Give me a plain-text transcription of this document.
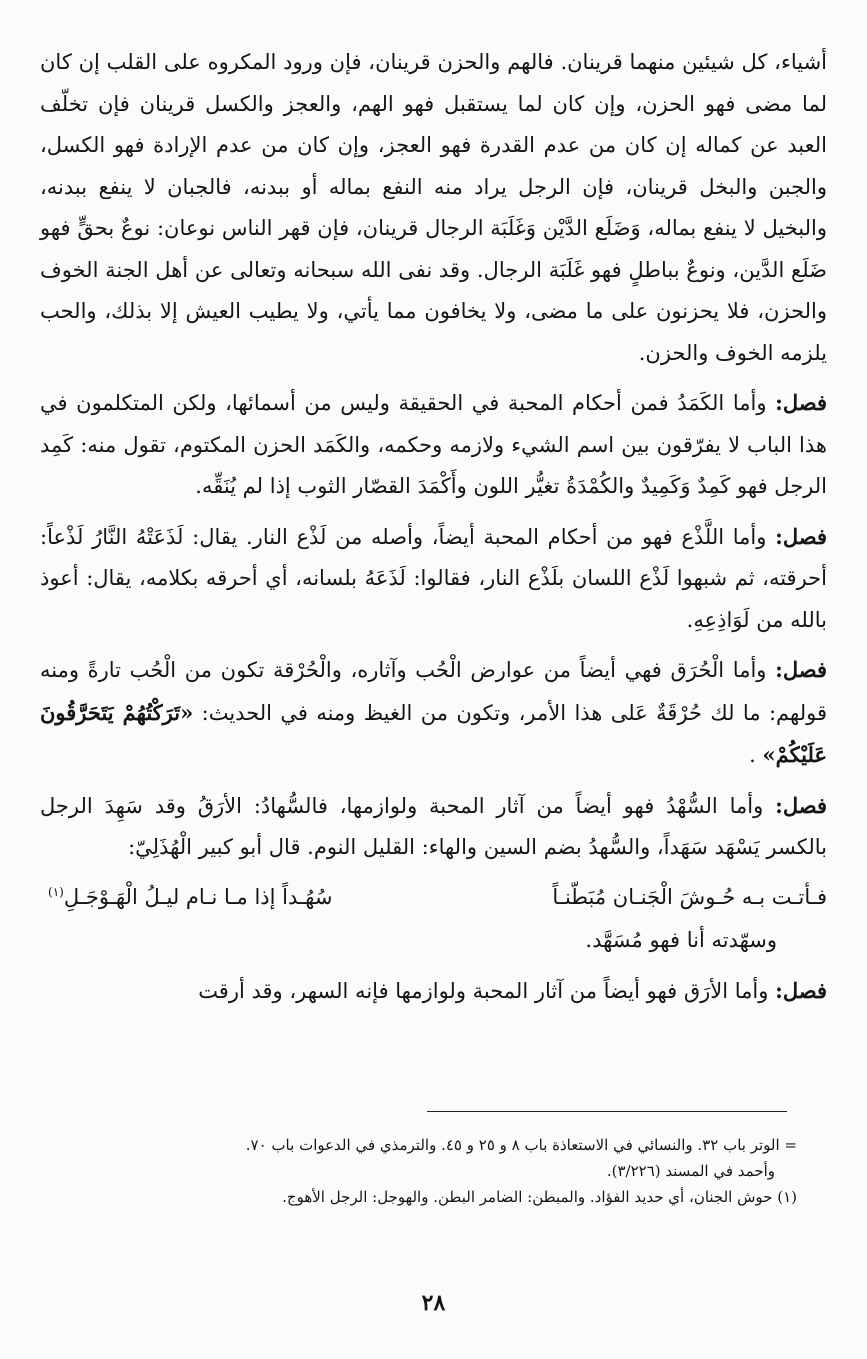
أشياء، كل شيئين منهما قرينان. فالهم والحزن قرينان، فإن ورود المكروه على القلب إن كان لما مضى فهو الحزن، وإن كان لما يستقبل فهو الهم، والعجز والكسل قرينان فإن تخلّف العبد عن كماله إن كان من عدم القدرة فهو العجز، وإن كان من عدم الإرادة فهو الكسل، والجبن والبخل قرينان، فإن الرجل يراد منه النفع بماله أو ببدنه، فالجبان لا ينفع ببدنه، والبخيل لا ينفع بماله، وَضَلَع الدَّيْن وَغَلَبَة الرجال قرينان، فإن قهر الناس نوعان: نوعٌ بحقٍّ فهو ضَلَع الدَّين، ونوعٌ بباطلٍ فهو غَلَبَة الرجال. وقد نفى الله سبحانه وتعالى عن أهل الجنة الخوف والحزن، فلا يحزنون على ما مضى، ولا يخافون مما يأتي، ولا يطيب العيش إلا بذلك، والحب يلزمه الخوف والحزن.

فصل: وأما الكَمَدُ فمن أحكام المحبة في الحقيقة وليس من أسمائها، ولكن المتكلمون في هذا الباب لا يفرّقون بين اسم الشيء ولازمه وحكمه، والكَمَد الحزن المكتوم، تقول منه: كَمِد الرجل فهو كَمِدٌ وَكَمِيدٌ والكُمْدَةُ تغيُّر اللون وأَكْمَدَ القصّار الثوب إذا لم يُنَقِّه.

فصل: وأما اللَّذْع فهو من أحكام المحبة أيضاً، وأصله من لَذْع النار. يقال: لَذَعَتْهُ النَّارُ لَذْعاً: أحرقته، ثم شبهوا لَذْع اللسان بلَذْع النار، فقالوا: لَذَعَهُ بلسانه، أي أحرقه بكلامه، يقال: أعوذ بالله من لَوَاذِعِهِ.

فصل: وأما الْحُرَق فهي أيضاً من عوارض الْحُب وآثاره، والْحُرْقة تكون من الْحُب تارةً ومنه قولهم: ما لك حُرْقَةٌ عَلى هذا الأمر، وتكون من الغيظ ومنه في الحديث: «تَرَكْتُهُمْ يَتَحَرَّقُونَ عَلَيْكُمْ» .

فصل: وأما السُّهْدُ فهو أيضاً من آثار المحبة ولوازمها، فالسُّهادُ: الأرَقُ وقد سَهِدَ الرجل بالكسر يَسْهَد سَهَداً، والسُّهدُ بضم السين والهاء: القليل النوم. قال أبو كبير الْهُذَلِيّ:

فـأتـت بـه حُـوشَ الْجَنـان مُبَطّنـاً
سُهُـداً إذا مـا نـام ليـلُ الْهَـوْجَـلِ$^{(١)}$

وسهّدته أنا فهو مُسَهَّد.

فصل: وأما الأرَق فهو أيضاً من آثار المحبة ولوازمها فإنه السهر، وقد أرقت

= الوتر باب ٣٢. والنسائي في الاستعاذة باب ٨ و ٢٥ و ٤٥. والترمذي في الدعوات باب ٧٠.

وأحمد في المسند (٣/٢٢٦).

(١) حوش الجنان، أي حديد الفؤاد. والمبطن: الضامر البطن. والهوجل: الرجل الأهوج.

٢٨
